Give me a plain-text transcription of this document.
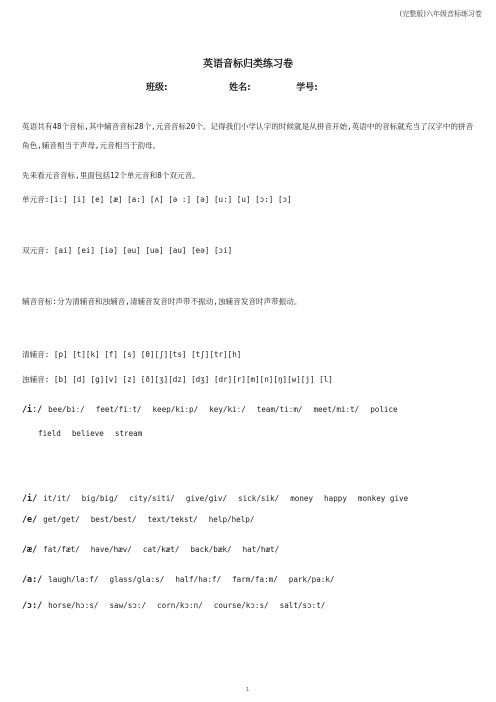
(完整版)六年级音标练习卷
英语音标归类练习卷
班级:	姓名:	学号:
英语共有48个音标,其中辅音音标28个,元音音标20个。记得我们小学认字的时候就是从拼音开始,英语中的音标就充当了汉字中的拼音角色,辅音相当于声母,元音相当于韵母。
先来看元音音标,里面包括12个单元音和8个双元音。
单元音:[iː] [i] [e] [æ] [a:] [ʌ] [ə :] [ə] [u:] [u] [ɔ:] [ɔ]
双元音: [ai] [ei] [iə] [əu] [uə] [au] [eə] [ɔi]
辅音音标:分为清辅音和浊辅音,清辅音发音时声带不振动,浊辅音发音时声带振动。
清辅音: [p] [t][k] [f] [s] [θ][ʃ][ts] [tʃ][tr][h]
浊辅音: [b] [d] [g][v] [z] [ð][ʒ][dz] [dʒ] [dr][r][m][n][ŋ][w][j] [l]
/iː/ bee/biː/ feet/fiːt/ keep/kiːp/ key/kiː/ team/tiːm/ meet/miːt/ police
field believe stream
/i/ it/it/ big/big/ city/siti/ give/giv/ sick/sik/ money happy monkey give
/e/ get/get/ best/best/ text/tekst/ help/help/
/æ/ fat/fæt/ have/hæv/ cat/kæt/ back/bæk/ hat/hæt/
/a:/ laugh/la:f/ glass/gla:s/ half/ha:f/ farm/fa:m/ park/pa:k/
/ɔ:/ horse/hɔ:s/ saw/sɔ:/ corn/kɔ:n/ course/kɔ:s/ salt/sɔ:t/
1
